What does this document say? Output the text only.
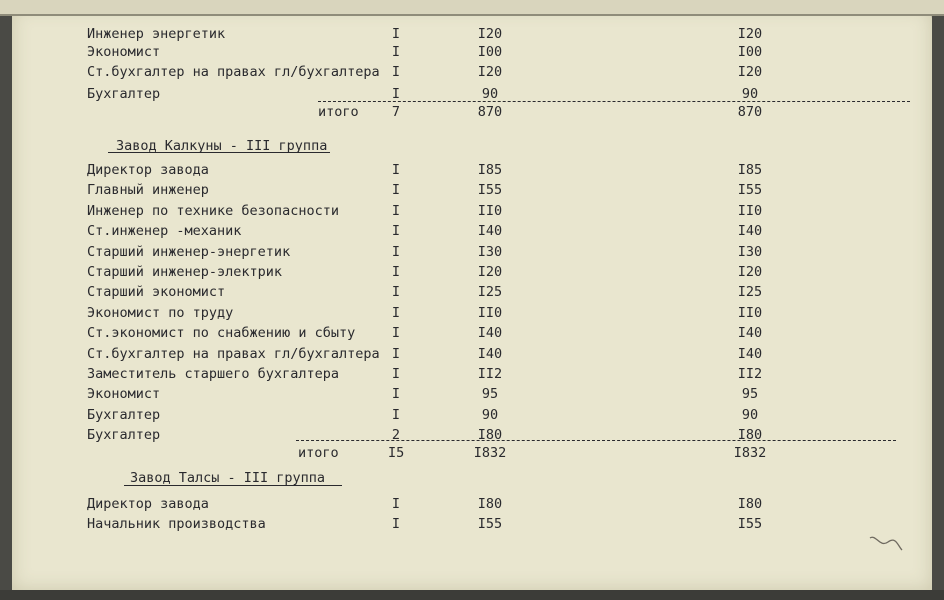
Инженер энергетик	I	I20	I20
Экономист	I	I00	I00
Ст.бухгалтер на правах гл/бухгалтера I	I20	I20
Бухгалтер	I	90	90
итого 7	870	870
Завод Калкуны - III группа
Директор завода	I	I85	I85
Главный инженер	I	I55	I55
Инженер по технике безопасности	I	II0	II0
Ст.инженер -механик	I	I40	I40
Старший инженер-энергетик	I	I30	I30
Старший инженер-электрик	I	I20	I20
Старший экономист	I	I25	I25
Экономист по труду	I	II0	II0
Ст.экономист по снабжению и сбыту	I	I40	I40
Ст.бухгалтер на правах гл/бухгалтера I	I40	I40
Заместитель старшего бухгалтера	I	II2	II2
Экономист	I	95	95
Бухгалтер	I	90	90
Бухгалтер	2	I80	I80
итого	I5	I832	I832
Завод Талсы - III группа
Директор завода	I	I80	I80
Начальник производства	I	I55	I55
